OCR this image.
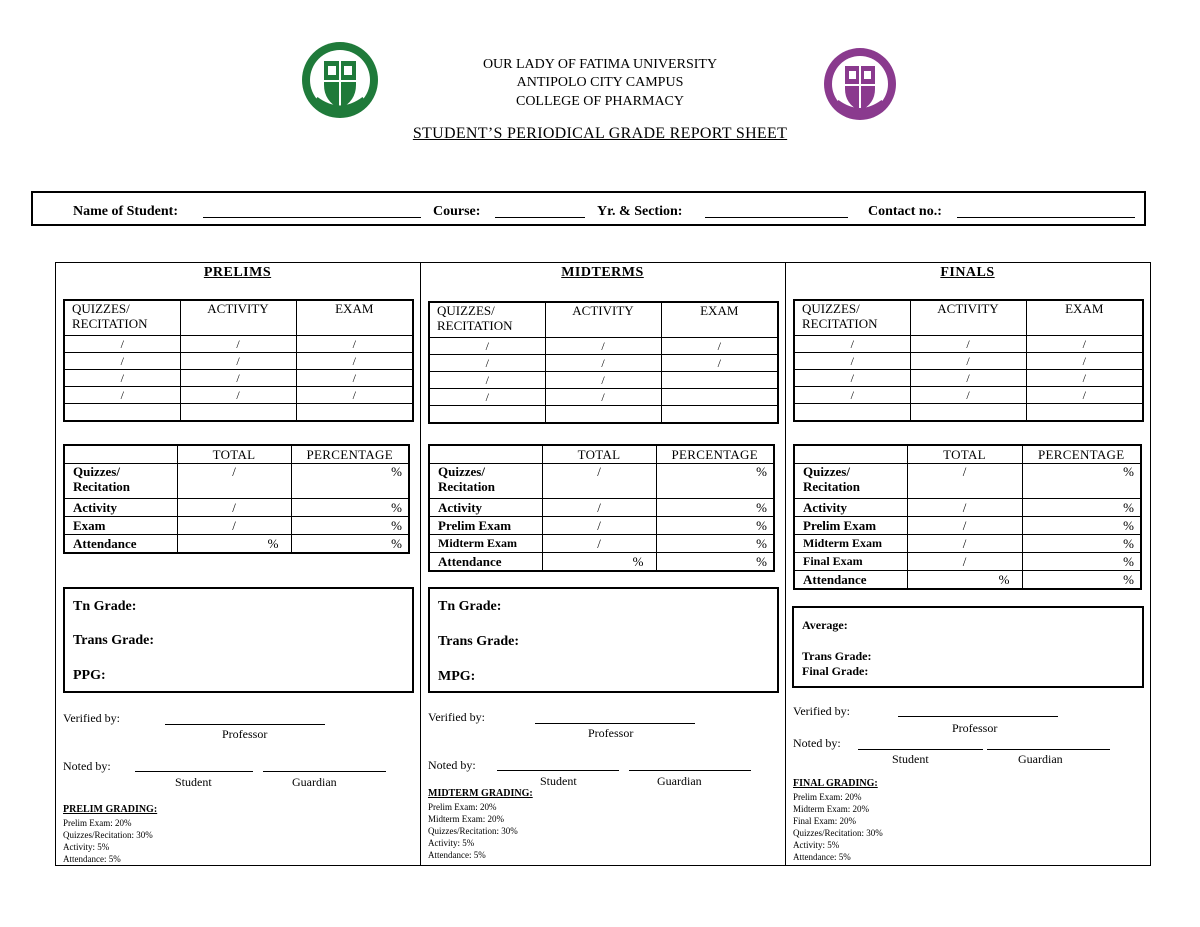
OUR LADY OF FATIMA UNIVERSITY
ANTIPOLO CITY CAMPUS
COLLEGE OF PHARMACY
STUDENT’S PERIODICAL GRADE REPORT SHEET
Name of Student:	Course:	Yr. & Section:	Contact no.:
PRELIMS
QUIZZES/ RECITATION	ACTIVITY	EXAM
/	/	/
/	/	/
/	/	/
/	/	/

	TOTAL	PERCENTAGE
Quizzes/ Recitation	/	%
Activity	/	%
Exam	/	%
Attendance	%	%
Tn Grade:
Trans Grade:
PPG:
Verified by:
Professor
Noted by:
Student	Guardian
PRELIM GRADING:
Prelim Exam: 20%
Quizzes/Recitation: 30%
Activity: 5%
Attendance: 5%
MIDTERMS
QUIZZES/ RECITATION	ACTIVITY	EXAM
/	/	/
/	/	/
/	/	
/	/	

	TOTAL	PERCENTAGE
Quizzes/ Recitation	/	%
Activity	/	%
Prelim Exam	/	%
Midterm Exam	/	%
Attendance	%	%
Tn Grade:
Trans Grade:
MPG:
Verified by:
Professor
Noted by:
Student	Guardian
MIDTERM GRADING:
Prelim Exam: 20%
Midterm Exam: 20%
Quizzes/Recitation: 30%
Activity: 5%
Attendance: 5%
FINALS
QUIZZES/ RECITATION	ACTIVITY	EXAM
/	/	/
/	/	/
/	/	/
/	/	/

	TOTAL	PERCENTAGE
Quizzes/ Recitation	/	%
Activity	/	%
Prelim Exam	/	%
Midterm Exam	/	%
Final Exam	/	%
Attendance	%	%
Average:
Trans Grade:
Final Grade:
Verified by:
Professor
Noted by:
Student	Guardian
FINAL GRADING:
Prelim Exam: 20%
Midterm Exam: 20%
Final Exam: 20%
Quizzes/Recitation: 30%
Activity: 5%
Attendance: 5%
